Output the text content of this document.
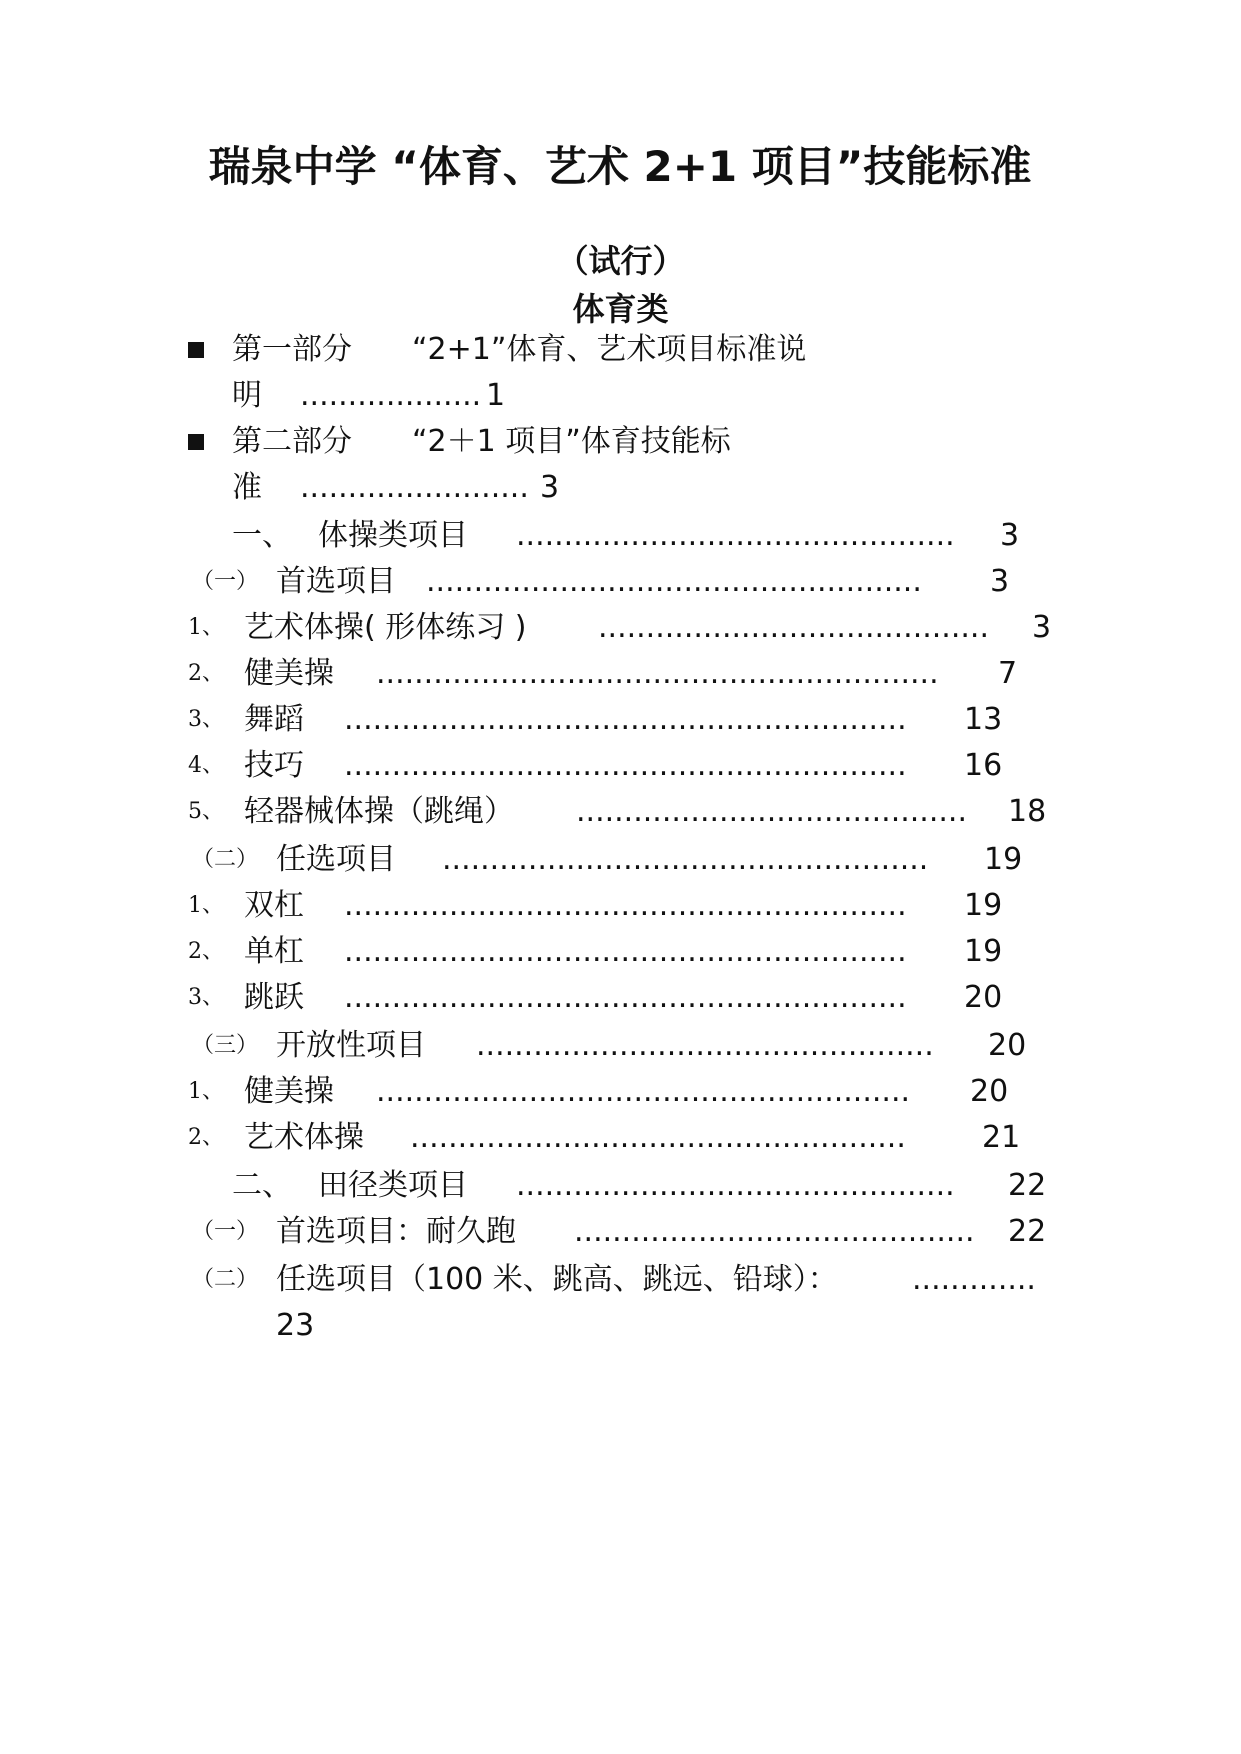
瑞泉中学 “体育、艺术 2+1 项目”技能标准
（试行）
体育类
第一部分 “2+1”体育、艺术项目标准说
明 ................... 1
第二部分 “2＋1 项目”体育技能标
准 ........................ 3
一、 体操类项目 .............................................. 3
（一） 首选项目 .................................................... 3
1、 艺术体操( 形体练习 ) ......................................... 3
2、 健美操 ........................................................... 7
3、 舞蹈 ........................................................... 13
4、 技巧 ........................................................... 16
5、 轻器械体操（跳绳） ......................................... 18
（二） 任选项目 ................................................... 19
1、 双杠 ........................................................... 19
2、 单杠 ........................................................... 19
3、 跳跃 ........................................................... 20
（三） 开放性项目 ................................................ 20
1、 健美操 ........................................................ 20
2、 艺术体操 ....................................................	21
二、 田径类项目 .............................................. 22
（一） 首选项目：耐久跑 .......................................... 22
（二） 任选项目（100 米、跳高、跳远、铅球）： .............
23
